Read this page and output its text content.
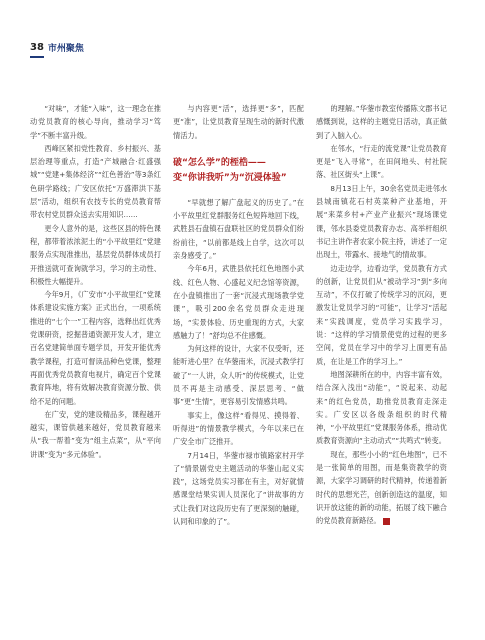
38 市州聚焦

“对味”，才能“入味”，这一理念在推动党员教育的核心导向，推动学习“笃学”不断丰富升级。

西峰区紧扣党性教育、乡村振兴、基层治理等重点，打造“产城融合·红盛强城”“党建+集体经济”“红色善治”等3条红色研学路线；广安区依托“万盛滞洪下基层”活动，组织有农技专长的党员教育帮带农村党员群众送去实用知识……

更令人意外的是，这些区县的特色课程，都带着浓浓泥土的“小平故里红”党建服务点实现准推出，基层党员群体成员打开推送就可查询就学习，学习的主动性、积极性大幅提升。

今年9月，《广安市“小平故里红”党课体系建设实施方案》正式出台，一项系统推进的“七个一”工程内容，选释出红优秀党课研资，挖掘普通资源开发人才，建立百名党建简单面专题学员，开发开能优秀教学课程，打造可督读品种色党课，整理再面优秀党员教育电视片，确定百个党课教育阵地，将有效解决教育资源分散、供给不足的问题。

在广安，党的建设精品多，课程越开越实，课管供越来越好，党员教育越来从“我一帮着”变为“组主点菜”，从“平向讲课”变为“多元体验”。

与内容更“活”，选择更“多”，匹配更“准”，让党员教育呈现生动的新时代激情活力。

破“怎么学”的桎梏——
变“你讲我听”为“沉浸体验”

“早就想了解广盘起义的历史了。”在小平故里红党群服务红色短阵地回下线，武胜县石盘镇石盘联社区的党员群众们纷纷前往，“以前都是线上自学，这次可以亲身感受了。”

今年6月，武胜县依托红色地图小武线、红色人物、心盛起义纪念馆等资源，在小盘镇推出了一套“沉浸式现场教学党课”，吸引200余名党员群众走进现场，“实景体验、历史重现的方式，大家感触力了！”舒均总不住感慨。

为何这样的设计，大家不仅受听，还能听进心里？在华蓥南米，沉浸式教学打破了“一人讲，众人听”的传统模式，让党员不再是主动感受、深层思考、“做事”更“生情”，更容易引发情感共鸣。

事实上，像这样“看得见、摸得着、听得进”的情景教学模式，今年以来已在广安全市广泛推开。

7月14日，华蓥市禄市镇路家村开学了“情景剧党史主题活动的华蓥山起义实践”，这场党员实习都在有主，对好就情感课堂结果实训人员深化了“讲故事的方式让我们对这段历史有了更深刻的触碰，认同和印象的了”。

的理解。”华蓥市教室传播陈文郡书记感慨到说，这样的主题党日活动，真正做到了入脑入心。

在邻水，“行走的流党课”让党员教育更是“飞入寻常”，在田间地头、村社院落、社区街头“上课”。

8月13日上午，30余名党员走进邻水县城南镇花石村英菜种产业基地，开展“来菜乡村+产业产业振兴”现场课党课，邻水县委党员教育办志、高举杆组织书记主讲作者农家小院主持，讲述了一定出现土，带露水、接地气的情故事。

边走边学，边看边学，党员教有方式的创新，让党员们从“被动学习”到“多向互动”，不仅打破了传统学习的沉闷，更激发让党员学习的“可能”，让学习“活起来”实践调度，党员学习实践学习，说：“这样的学习情景使党的过程的更多空间，党员在学习中的学习上面更有品质，在让是工作的学习上。”

地图深耕所在的中，内容丰富有效，结合深入浅出“动能”，“说起来、动起来”的红色党员，助推党员教育走深走实。广安区以各级条组织的时代精神，“小平故里红”党课服务体系，推动优质教育资源向“主动动式”“共鸣式”转变。

现在，那些小小的“红色地图”，已不是一张简单的用图，而是集资教学的资源，大家学习调研的时代精神，传递着新时代的思想光芒，创新创造这的温度，知识开放这能的新的动能，拓展了线下融合的党员教育新路径。
